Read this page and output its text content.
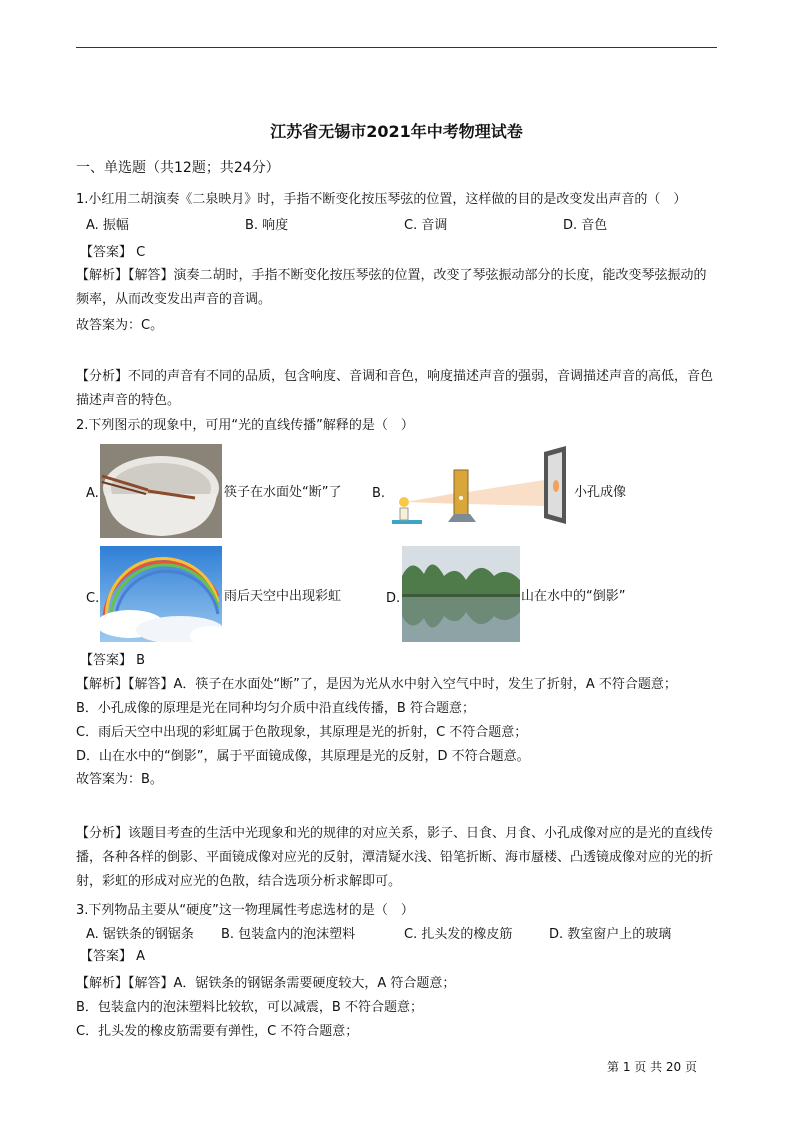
江苏省无锡市2021年中考物理试卷
一、单选题（共12题；共24分）
1.小红用二胡演奏《二泉映月》时，手指不断变化按压琴弦的位置，这样做的目的是改变发出声音的（　）
A. 振幅	B. 响度	C. 音调	D. 音色
【答案】 C
【解析】【解答】演奏二胡时，手指不断变化按压琴弦的位置，改变了琴弦振动部分的长度，能改变琴弦振动的频率，从而改变发出声音的音调。
故答案为：C。
【分析】不同的声音有不同的品质，包含响度、音调和音色，响度描述声音的强弱，音调描述声音的高低，音色描述声音的特色。
2.下列图示的现象中，可用“光的直线传播”解释的是（　）
A.	筷子在水面处“断”了 B.	小孔成像
C.	雨后天空中出现彩虹	D.	山在水中的“倒影”
【答案】 B
【解析】【解答】A．筷子在水面处“断”了，是因为光从水中射入空气中时，发生了折射，A 不符合题意；
B．小孔成像的原理是光在同种均匀介质中沿直线传播，B 符合题意；
C．雨后天空中出现的彩虹属于色散现象，其原理是光的折射，C 不符合题意；
D．山在水中的“倒影”，属于平面镜成像，其原理是光的反射，D 不符合题意。
故答案为：B。
【分析】该题目考查的生活中光现象和光的规律的对应关系，影子、日食、月食、小孔成像对应的是光的直线传播，各种各样的倒影、平面镜成像对应光的反射，潭清疑水浅、铅笔折断、海市蜃楼、凸透镜成像对应的光的折射，彩虹的形成对应光的色散，结合选项分析求解即可。
3.下列物品主要从“硬度”这一物理属性考虑选材的是（　）
A. 锯铁条的钢锯条 B. 包装盒内的泡沫塑料	C. 扎头发的橡皮筋	D. 教室窗户上的玻璃
【答案】 A
【解析】【解答】A．锯铁条的钢锯条需要硬度较大，A 符合题意；
B．包装盒内的泡沫塑料比较软，可以减震，B 不符合题意；
C．扎头发的橡皮筋需要有弹性，C 不符合题意；
第 1 页 共 20 页
